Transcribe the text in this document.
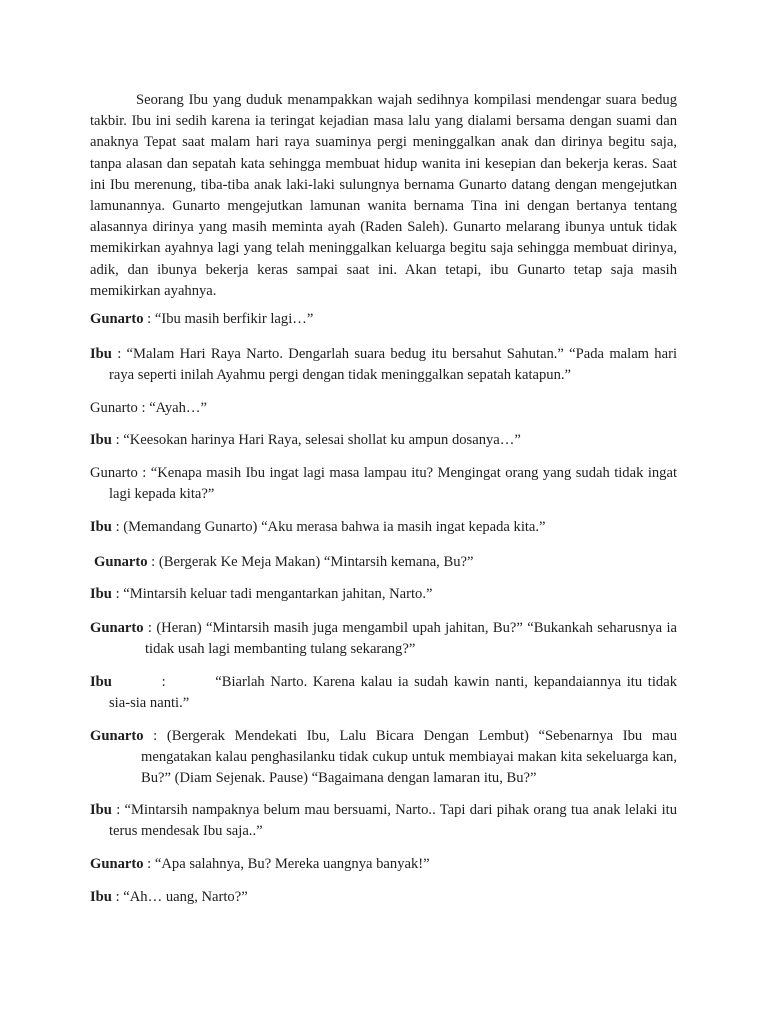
Seorang Ibu yang duduk menampakkan wajah sedihnya kompilasi mendengar suara bedug takbir. Ibu ini sedih karena ia teringat kejadian masa lalu yang dialami bersama dengan suami dan anaknya Tepat saat malam hari raya suaminya pergi meninggalkan anak dan dirinya begitu saja, tanpa alasan dan sepatah kata sehingga membuat hidup wanita ini kesepian dan bekerja keras. Saat ini Ibu merenung, tiba-tiba anak laki-laki sulungnya bernama Gunarto datang dengan mengejutkan lamunannya. Gunarto mengejutkan lamunan wanita bernama Tina ini dengan bertanya tentang alasannya dirinya yang masih meminta ayah (Raden Saleh). Gunarto melarang ibunya untuk tidak memikirkan ayahnya lagi yang telah meninggalkan keluarga begitu saja sehingga membuat dirinya, adik, dan ibunya bekerja keras sampai saat ini. Akan tetapi, ibu Gunarto tetap saja masih memikirkan ayahnya.

Gunarto : “Ibu masih berfikir lagi…”

Ibu : “Malam Hari Raya Narto. Dengarlah suara bedug itu bersahut Sahutan.” “Pada malam hari raya seperti inilah Ayahmu pergi dengan tidak meninggalkan sepatah katapun.”

Gunarto : “Ayah…”

Ibu : “Keesokan harinya Hari Raya, selesai shollat ku ampun dosanya…”

Gunarto : “Kenapa masih Ibu ingat lagi masa lampau itu? Mengingat orang yang sudah tidak ingat lagi kepada kita?”

Ibu : (Memandang Gunarto) “Aku merasa bahwa ia masih ingat kepada kita.”

Gunarto : (Bergerak Ke Meja Makan) “Mintarsih kemana, Bu?”

Ibu : “Mintarsih keluar tadi mengantarkan jahitan, Narto.”

Gunarto : (Heran) “Mintarsih masih juga mengambil upah jahitan, Bu?” “Bukankah seharusnya ia tidak usah lagi membanting tulang sekarang?”

Ibu : “Biarlah Narto. Karena kalau ia sudah kawin nanti, kepandaiannya itu tidak sia-sia nanti.”

Gunarto : (Bergerak Mendekati Ibu, Lalu Bicara Dengan Lembut) “Sebenarnya Ibu mau mengatakan kalau penghasilanku tidak cukup untuk membiayai makan kita sekeluarga kan, Bu?” (Diam Sejenak. Pause) “Bagaimana dengan lamaran itu, Bu?”

Ibu : “Mintarsih nampaknya belum mau bersuami, Narto.. Tapi dari pihak orang tua anak lelaki itu terus mendesak Ibu saja..”

Gunarto : “Apa salahnya, Bu? Mereka uangnya banyak!”

Ibu : “Ah… uang, Narto?”
